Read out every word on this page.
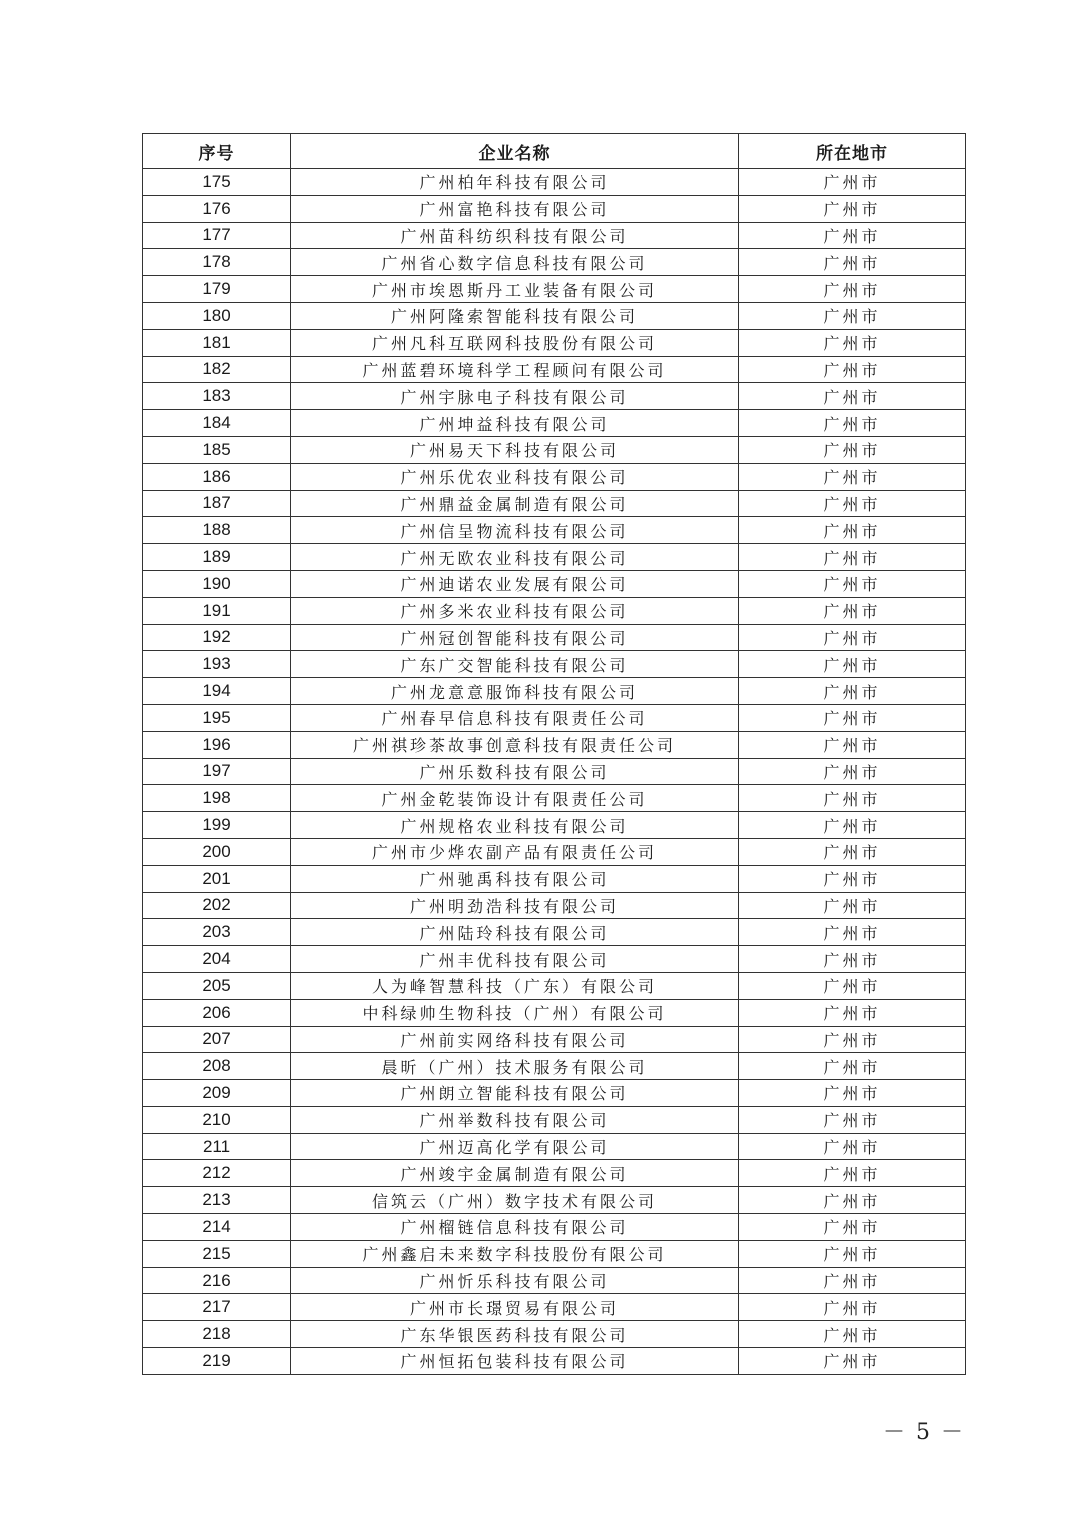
序号	企业名称	所在地市
175	广州柏年科技有限公司	广州市
176	广州富艳科技有限公司	广州市
177	广州苗科纺织科技有限公司	广州市
178	广州省心数字信息科技有限公司	广州市
179	广州市埃恩斯丹工业装备有限公司	广州市
180	广州阿隆索智能科技有限公司	广州市
181	广州凡科互联网科技股份有限公司	广州市
182	广州蓝碧环境科学工程顾问有限公司	广州市
183	广州宇脉电子科技有限公司	广州市
184	广州坤益科技有限公司	广州市
185	广州易天下科技有限公司	广州市
186	广州乐优农业科技有限公司	广州市
187	广州鼎益金属制造有限公司	广州市
188	广州信呈物流科技有限公司	广州市
189	广州无欧农业科技有限公司	广州市
190	广州迪诺农业发展有限公司	广州市
191	广州多米农业科技有限公司	广州市
192	广州冠创智能科技有限公司	广州市
193	广东广交智能科技有限公司	广州市
194	广州龙意意服饰科技有限公司	广州市
195	广州春早信息科技有限责任公司	广州市
196	广州祺珍茶故事创意科技有限责任公司	广州市
197	广州乐数科技有限公司	广州市
198	广州金乾装饰设计有限责任公司	广州市
199	广州规格农业科技有限公司	广州市
200	广州市少烨农副产品有限责任公司	广州市
201	广州驰禹科技有限公司	广州市
202	广州明劲浩科技有限公司	广州市
203	广州陆玲科技有限公司	广州市
204	广州丰优科技有限公司	广州市
205	人为峰智慧科技（广东）有限公司	广州市
206	中科绿帅生物科技（广州）有限公司	广州市
207	广州前实网络科技有限公司	广州市
208	晨昕（广州）技术服务有限公司	广州市
209	广州朗立智能科技有限公司	广州市
210	广州举数科技有限公司	广州市
211	广州迈高化学有限公司	广州市
212	广州竣宇金属制造有限公司	广州市
213	信筑云（广州）数字技术有限公司	广州市
214	广州榴链信息科技有限公司	广州市
215	广州鑫启未来数字科技股份有限公司	广州市
216	广州忻乐科技有限公司	广州市
217	广州市长璟贸易有限公司	广州市
218	广东华银医药科技有限公司	广州市
219	广州恒拓包装科技有限公司	广州市
－ 5 －
